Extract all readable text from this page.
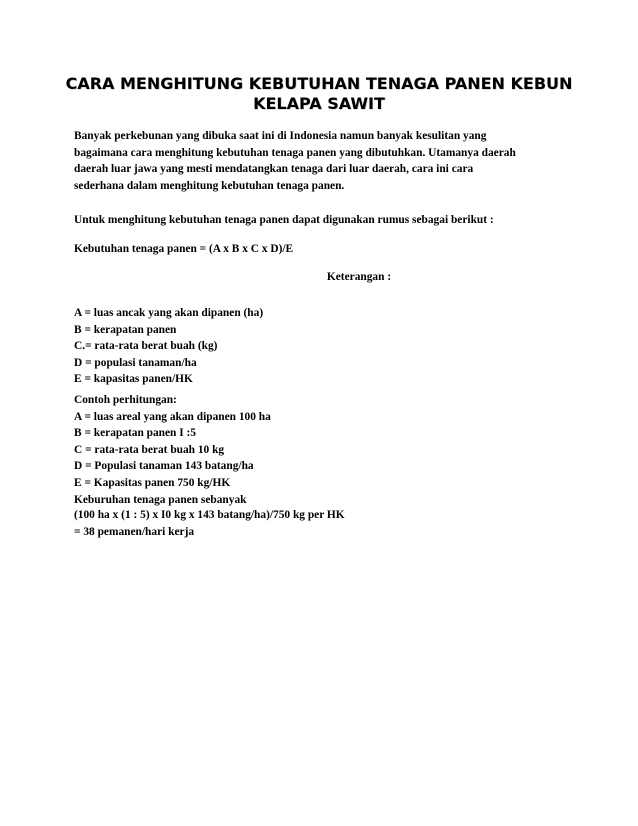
CARA MENGHITUNG KEBUTUHAN TENAGA PANEN KEBUN
KELAPA SAWIT
Banyak perkebunan yang dibuka saat ini di Indonesia namun banyak kesulitan yang
bagaimana cara menghitung kebutuhan tenaga panen yang dibutuhkan. Utamanya daerah
daerah luar jawa yang mesti mendatangkan tenaga dari luar daerah, cara ini cara
sederhana dalam menghitung kebutuhan tenaga panen.
Untuk menghitung kebutuhan tenaga panen dapat digunakan rumus sebagai berikut :
Kebutuhan tenaga panen = (A x B x C x D)/E
Keterangan :
A = luas ancak yang akan dipanen (ha)
B = kerapatan panen
C.= rata-rata berat buah (kg)
D = populasi tanaman/ha
E = kapasitas panen/HK
Contoh perhitungan:
A = luas areal yang akan dipanen 100 ha
B = kerapatan panen I :5
C = rata-rata berat buah 10 kg
D = Populasi tanaman 143 batang/ha
E = Kapasitas panen 750 kg/HK
Keburuhan tenaga panen sebanyak
(100 ha x (1 : 5) x I0 kg x 143 batang/ha)/750 kg per HK
= 38 pemanen/hari kerja
